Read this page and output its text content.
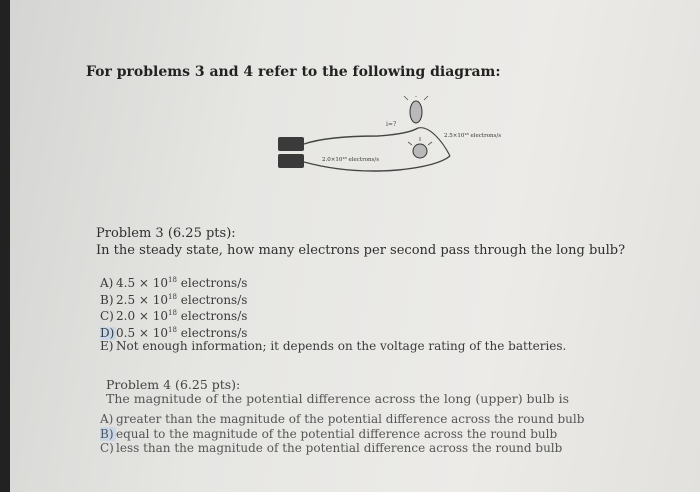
For problems 3 and 4 refer to the following diagram:
i=?
2.5×10¹⁸ electrons/s
2.0×10¹⁸ electrons/s
Problem 3 (6.25 pts):
In the steady state, how many electrons per second pass through the long bulb?
A) $4.5 \times 10^{18}$ electrons/s
B) $2.5 \times 10^{18}$ electrons/s
C) $2.0 \times 10^{18}$ electrons/s
D) $0.5 \times 10^{18}$ electrons/s
E) Not enough information; it depends on the voltage rating of the batteries.
Problem 4 (6.25 pts):
The magnitude of the potential difference across the long (upper) bulb is
A) greater than the magnitude of the potential difference across the round bulb
B) equal to the magnitude of the potential difference across the round bulb
C) less than the magnitude of the potential difference across the round bulb
